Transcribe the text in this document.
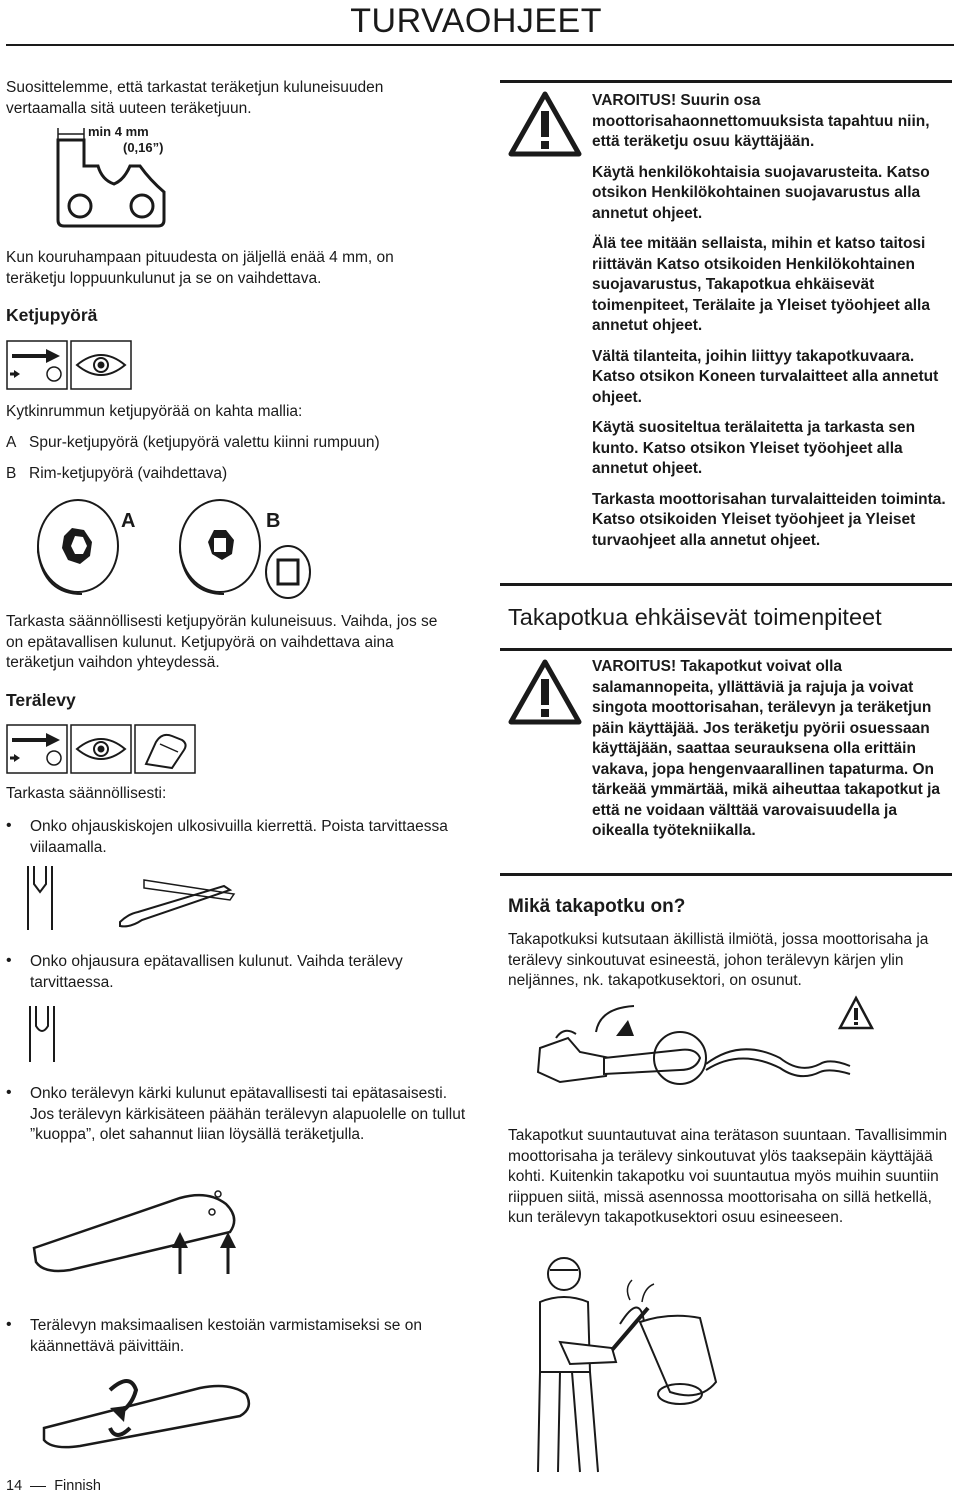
TURVAOHJEET

Suosittelemme, että tarkastat teräketjun kuluneisuuden vertaamalla sitä uuteen teräketjuun.

min 4 mm
(0,16”)

Kun kouruhampaan pituudesta on jäljellä enää 4 mm, on teräketju loppuunkulunut ja se on vaihdettava.

Ketjupyörä

Kytkinrummun ketjupyörää on kahta mallia:

A Spur-ketjupyörä (ketjupyörä valettu kiinni rumpuun)

B Rim-ketjupyörä (vaihdettava)

A	B

Tarkasta säännöllisesti ketjupyörän kuluneisuus. Vaihda, jos se on epätavallisen kulunut. Ketjupyörä on vaihdettava aina teräketjun vaihdon yhteydessä.

Terälevy

Tarkasta säännöllisesti:

• Onko ohjauskiskojen ulkosivuilla kierrettä. Poista tarvittaessa viilaamalla.

• Onko ohjausura epätavallisen kulunut. Vaihda terälevy tarvittaessa.

• Onko terälevyn kärki kulunut epätavallisesti tai epätasaisesti. Jos terälevyn kärkisäteen päähän terälevyn alapuolelle on tullut ”kuoppa”, olet sahannut liian löysällä teräketjulla.

• Terälevyn maksimaalisen kestoiän varmistamiseksi se on käännettävä päivittäin.

VAROITUS! Suurin osa moottorisahaonnettomuuksista tapahtuu niin, että teräketju osuu käyttäjään.

Käytä henkilökohtaisia suojavarusteita. Katso otsikon Henkilökohtainen suojavarustus alla annetut ohjeet.

Älä tee mitään sellaista, mihin et katso taitosi riittävän Katso otsikoiden Henkilökohtainen suojavarustus, Takapotkua ehkäisevät toimenpiteet, Terälaite ja Yleiset työohjeet alla annetut ohjeet.

Vältä tilanteita, joihin liittyy takapotkuvaara. Katso otsikon Koneen turvalaitteet alla annetut ohjeet.

Käytä suositeltua terälaitetta ja tarkasta sen kunto. Katso otsikon Yleiset työohjeet alla annetut ohjeet.

Tarkasta moottorisahan turvalaitteiden toiminta. Katso otsikoiden Yleiset työohjeet ja Yleiset turvaohjeet alla annetut ohjeet.

Takapotkua ehkäisevät toimenpiteet

VAROITUS! Takapotkut voivat olla salamannopeita, yllättäviä ja rajuja ja voivat singota moottorisahan, terälevyn ja teräketjun päin käyttäjää. Jos teräketju pyörii osuessaan käyttäjään, saattaa seurauksena olla erittäin vakava, jopa hengenvaarallinen tapaturma. On tärkeää ymmärtää, mikä aiheuttaa takapotkut ja että ne voidaan välttää varovaisuudella ja oikealla työtekniikalla.

Mikä takapotku on?

Takapotkuksi kutsutaan äkillistä ilmiötä, jossa moottorisaha ja terälevy sinkoutuvat esineestä, johon terälevyn kärjen ylin neljännes, nk. takapotkusektori, on osunut.

Takapotkut suuntautuvat aina terätason suuntaan. Tavallisimmin moottorisaha ja terälevy sinkoutuvat ylös taaksepäin käyttäjää kohti. Kuitenkin takapotku voi suuntautua myös muihin suuntiin riippuen siitä, missä asennossa moottorisaha on sillä hetkellä, kun terälevyn takapotkusektori osuu esineeseen.

14 Finnish
